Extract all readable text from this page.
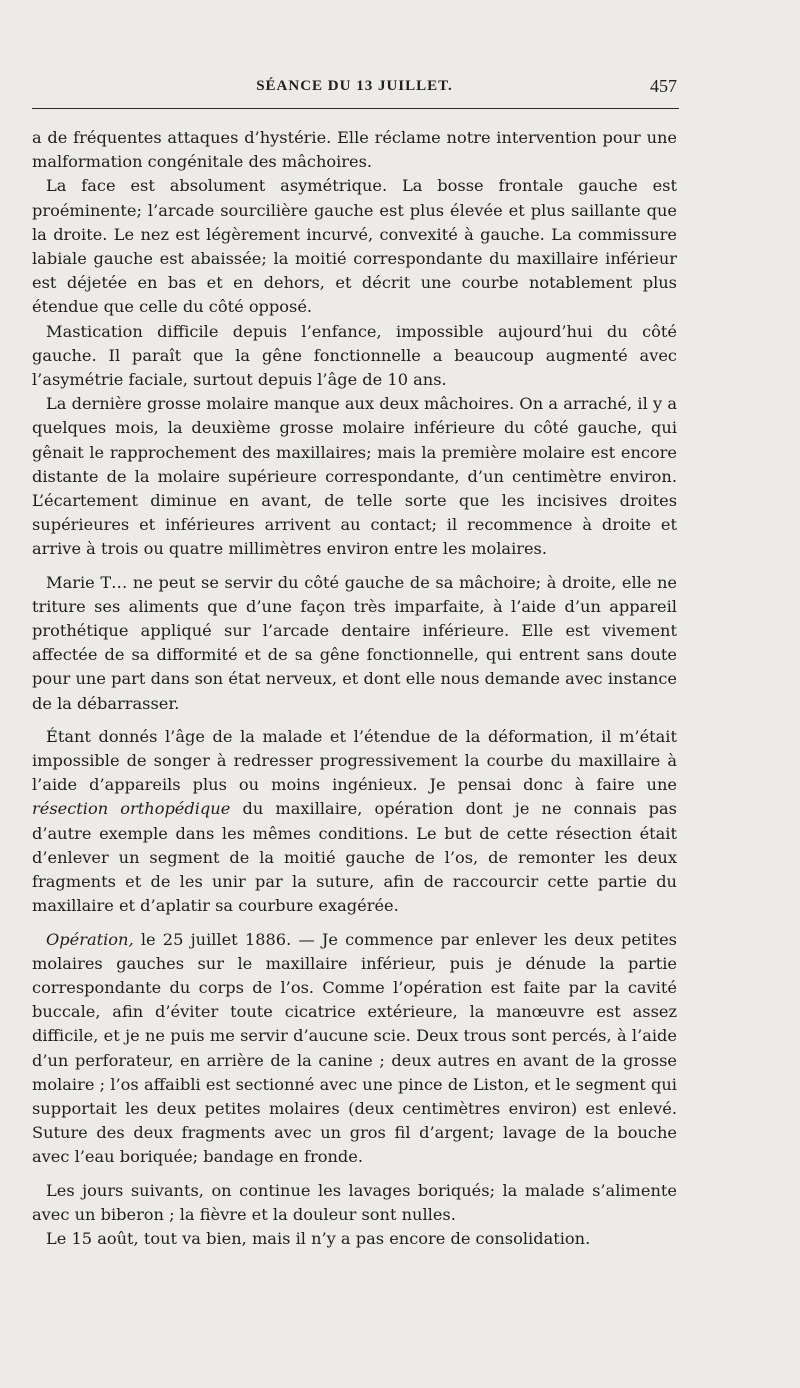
SÉANCE DU 13 JUILLET.	457

a de fréquentes attaques d’hystérie. Elle réclame notre intervention pour une malformation congénitale des mâchoires.

La face est absolument asymétrique. La bosse frontale gauche est proéminente; l’arcade sourcilière gauche est plus élevée et plus saillante que la droite. Le nez est légèrement incurvé, convexité à gauche. La commissure labiale gauche est abaissée; la moitié correspondante du maxillaire inférieur est déjetée en bas et en dehors, et décrit une courbe notablement plus étendue que celle du côté opposé.

Mastication difficile depuis l’enfance, impossible aujourd’hui du côté gauche. Il paraît que la gêne fonctionnelle a beaucoup augmenté avec l’asymétrie faciale, surtout depuis l’âge de 10 ans.

La dernière grosse molaire manque aux deux mâchoires. On a arraché, il y a quelques mois, la deuxième grosse molaire inférieure du côté gauche, qui gênait le rapprochement des maxillaires; mais la première molaire est encore distante de la molaire supérieure correspondante, d’un centimètre environ. L’écartement diminue en avant, de telle sorte que les incisives droites supérieures et inférieures arrivent au contact; il recommence à droite et arrive à trois ou quatre millimètres environ entre les molaires.

Marie T… ne peut se servir du côté gauche de sa mâchoire; à droite, elle ne triture ses aliments que d’une façon très imparfaite, à l’aide d’un appareil prothétique appliqué sur l’arcade dentaire inférieure. Elle est vivement affectée de sa difformité et de sa gêne fonctionnelle, qui entrent sans doute pour une part dans son état nerveux, et dont elle nous demande avec instance de la débarrasser.

Étant donnés l’âge de la malade et l’étendue de la déformation, il m’était impossible de songer à redresser progressivement la courbe du maxillaire à l’aide d’appareils plus ou moins ingénieux. Je pensai donc à faire une résection orthopédique du maxillaire, opération dont je ne connais pas d’autre exemple dans les mêmes conditions. Le but de cette résection était d’enlever un segment de la moitié gauche de l’os, de remonter les deux fragments et de les unir par la suture, afin de raccourcir cette partie du maxillaire et d’aplatir sa courbure exagérée.

Opération, le 25 juillet 1886. — Je commence par enlever les deux petites molaires gauches sur le maxillaire inférieur, puis je dénude la partie correspondante du corps de l’os. Comme l’opération est faite par la cavité buccale, afin d’éviter toute cicatrice extérieure, la manœuvre est assez difficile, et je ne puis me servir d’aucune scie. Deux trous sont percés, à l’aide d’un perforateur, en arrière de la canine ; deux autres en avant de la grosse molaire ; l’os affaibli est sectionné avec une pince de Liston, et le segment qui supportait les deux petites molaires (deux centimètres environ) est enlevé. Suture des deux fragments avec un gros fil d’argent; lavage de la bouche avec l’eau boriquée; bandage en fronde.

Les jours suivants, on continue les lavages boriqués; la malade s’alimente avec un biberon ; la fièvre et la douleur sont nulles.

Le 15 août, tout va bien, mais il n’y a pas encore de consolidation.
